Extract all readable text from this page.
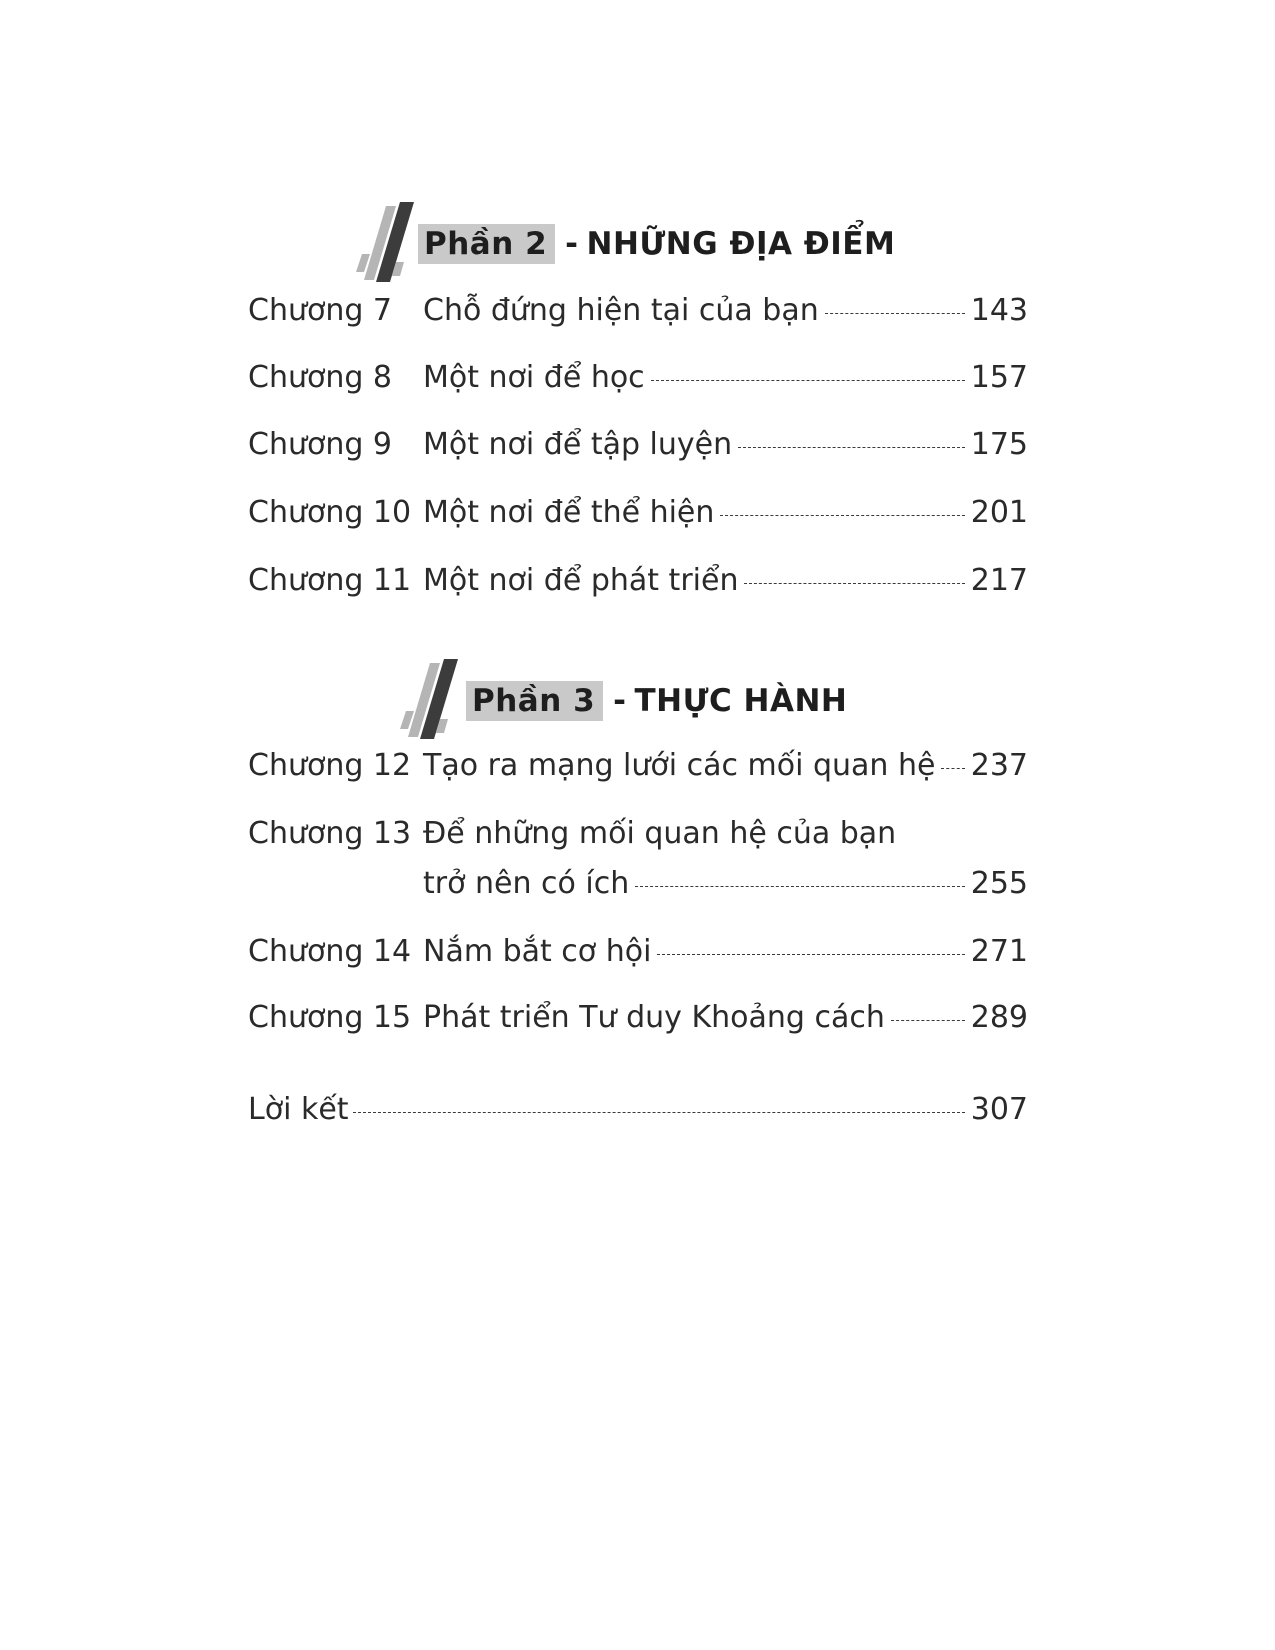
Phần 2 - NHỮNG ĐỊA ĐIỂM
Chương 7 Chỗ đứng hiện tại của bạn	143
Chương 8 Một nơi để học	157
Chương 9 Một nơi để tập luyện	175
Chương 10 Một nơi để thể hiện	201
Chương 11 Một nơi để phát triển	217
Phần 3 - THỰC HÀNH
Chương 12 Tạo ra mạng lưới các mối quan hệ 237
Chương 13 Để những mối quan hệ của bạn
trở nên có ích	255
Chương 14 Nắm bắt cơ hội	271
Chương 15 Phát triển Tư duy Khoảng cách	289
Lời kết	307
